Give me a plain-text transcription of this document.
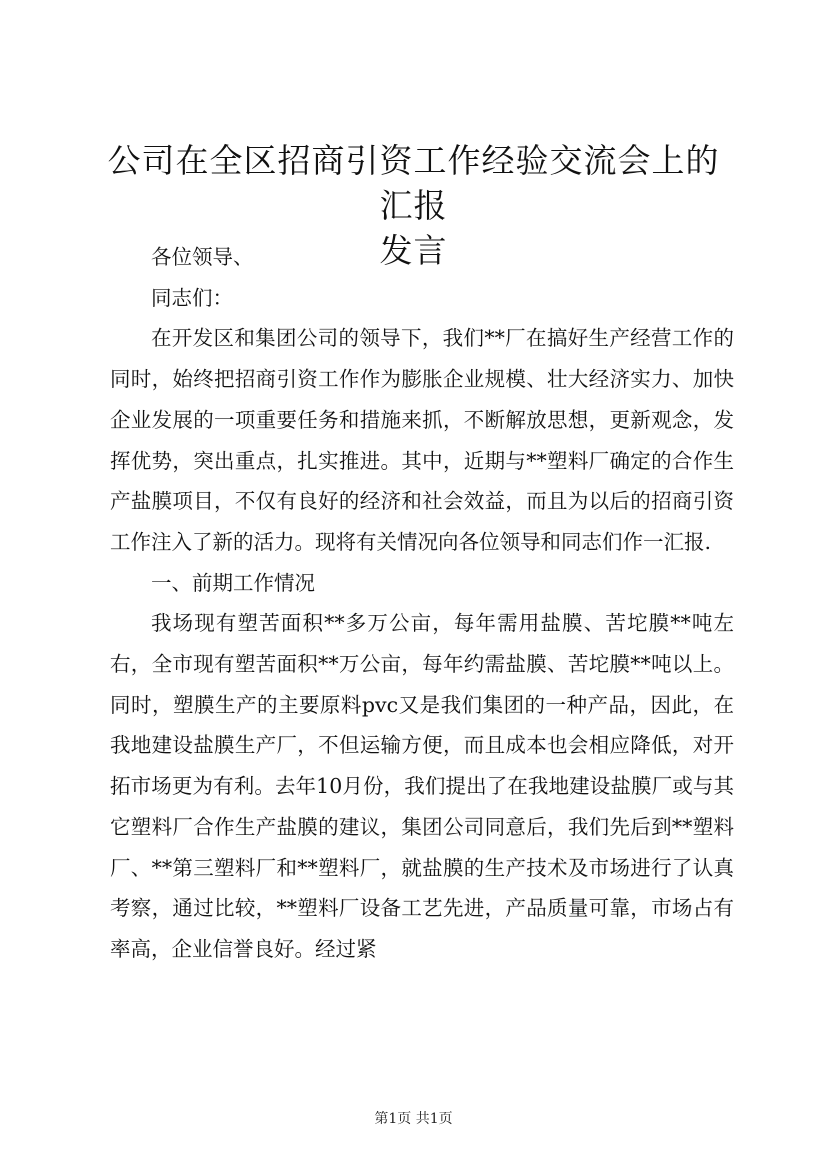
公司在全区招商引资工作经验交流会上的汇报
发言

各位领导、

同志们：

在开发区和集团公司的领导下，我们**厂在搞好生产经营工作的同时，始终把招商引资工作作为膨胀企业规模、壮大经济实力、加快企业发展的一项重要任务和措施来抓，不断解放思想，更新观念，发挥优势，突出重点，扎实推进。其中，近期与**塑料厂确定的合作生产盐膜项目，不仅有良好的经济和社会效益，而且为以后的招商引资工作注入了新的活力。现将有关情况向各位领导和同志们作一汇报.

一、前期工作情况

我场现有塑苦面积**多万公亩，每年需用盐膜、苦坨膜**吨左右，全市现有塑苦面积**万公亩，每年约需盐膜、苦坨膜**吨以上。同时，塑膜生产的主要原料pvc又是我们集团的一种产品，因此，在我地建设盐膜生产厂，不但运输方便，而且成本也会相应降低，对开拓市场更为有利。去年10月份，我们提出了在我地建设盐膜厂或与其它塑料厂合作生产盐膜的建议，集团公司同意后，我们先后到**塑料厂、**第三塑料厂和**塑料厂，就盐膜的生产技术及市场进行了认真考察，通过比较，**塑料厂设备工艺先进，产品质量可靠，市场占有率高，企业信誉良好。经过紧

第1页 共1页
